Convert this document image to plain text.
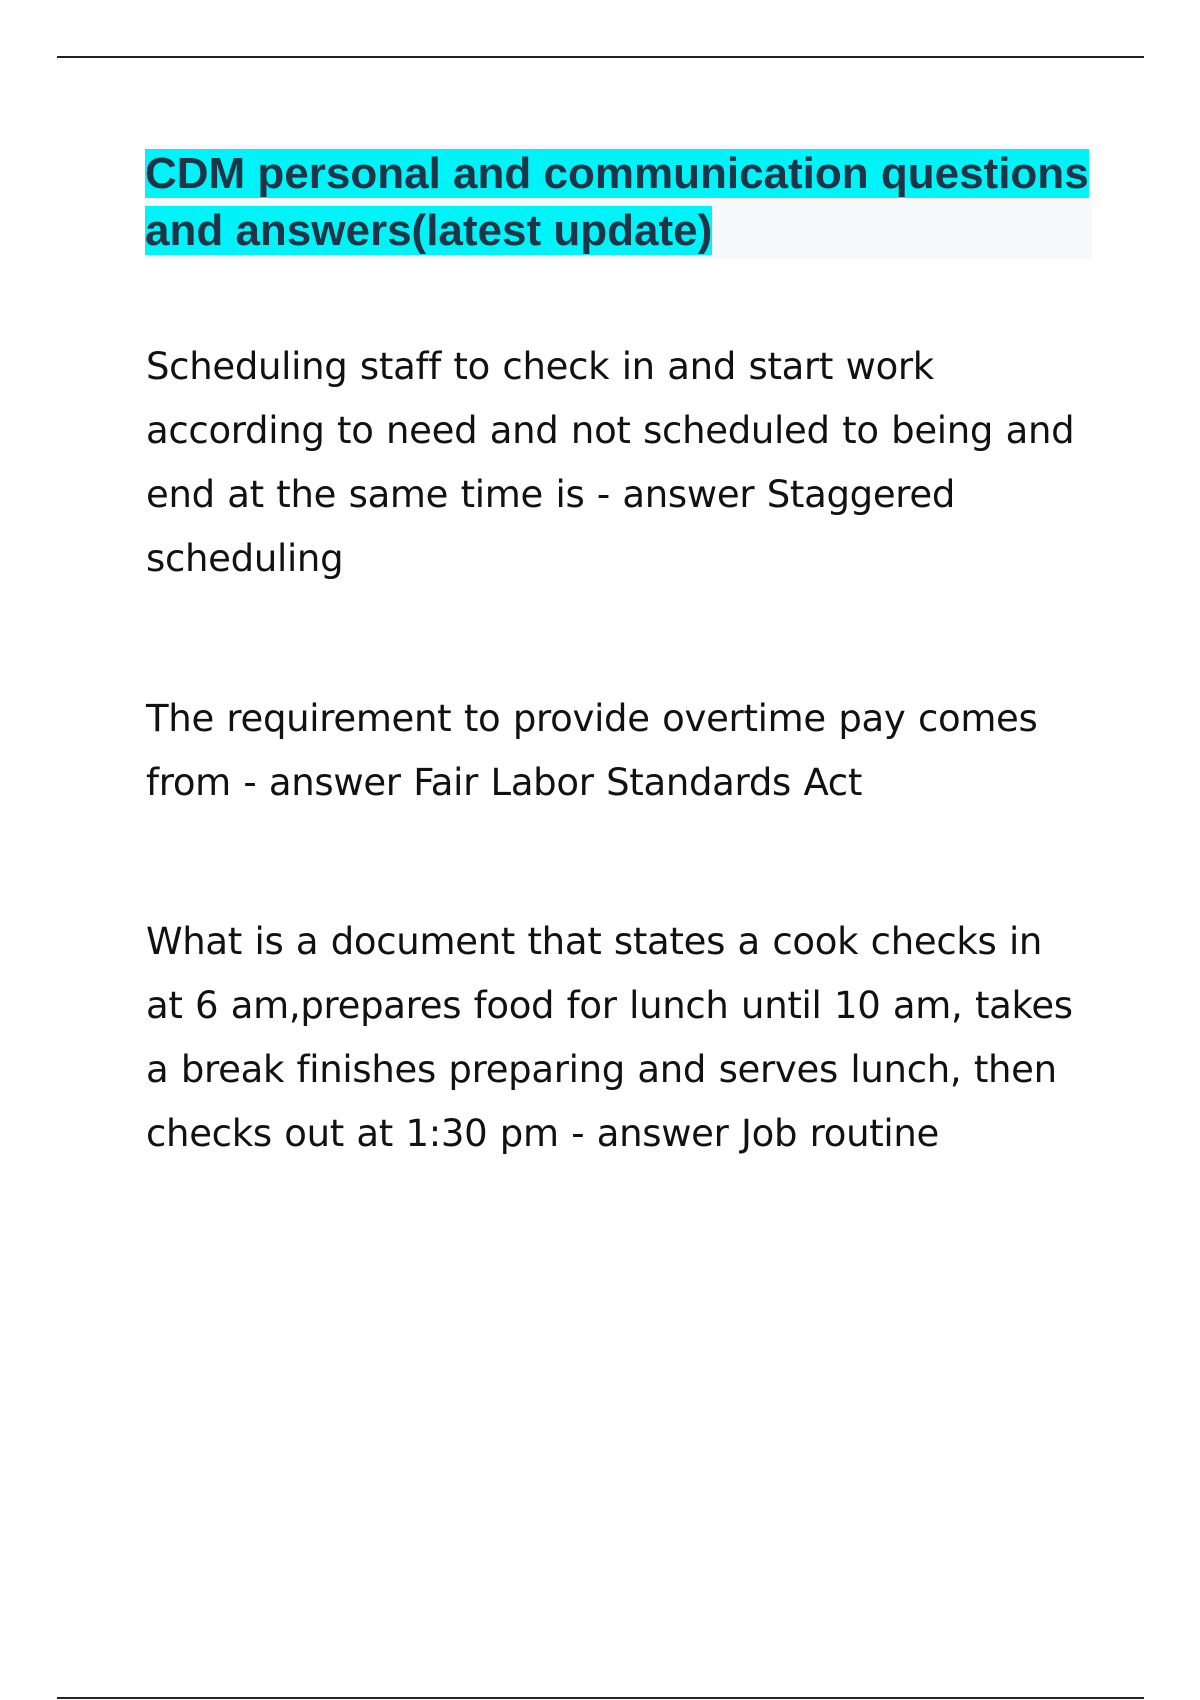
CDM personal and communication questions and answers(latest update)

Scheduling staff to check in and start work according to need and not scheduled to being and end at the same time is - answer Staggered scheduling

The requirement to provide overtime pay comes from - answer Fair Labor Standards Act

What is a document that states a cook checks in at 6 am,prepares food for lunch until 10 am, takes a break finishes preparing and serves lunch, then checks out at 1:30 pm - answer Job routine
